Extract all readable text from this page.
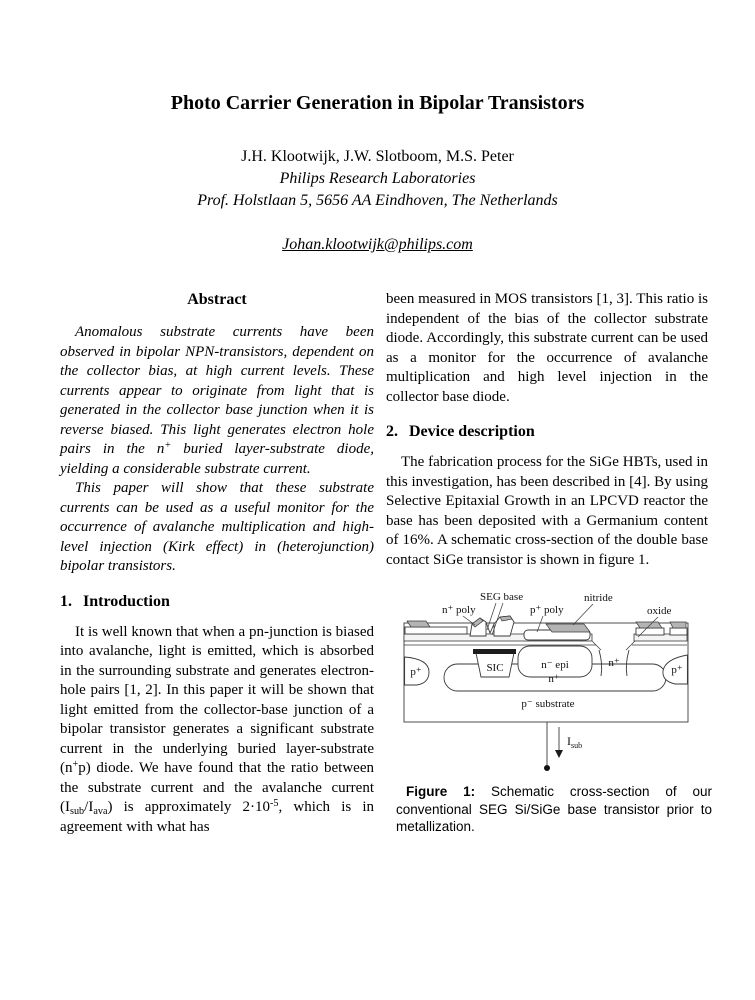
Photo Carrier Generation in Bipolar Transistors

J.H. Klootwijk, J.W. Slotboom, M.S. Peter

Philips Research Laboratories

Prof. Holstlaan 5, 5656 AA Eindhoven, The Netherlands

Johan.klootwijk@philips.com

Abstract

Anomalous substrate currents have been observed in bipolar NPN-transistors, dependent on the collector bias, at high current levels. These currents appear to originate from light that is generated in the collector base junction when it is reverse biased. This light generates electron hole pairs in the n+ buried layer-substrate diode, yielding a considerable substrate current.

This paper will show that these substrate currents can be used as a useful monitor for the occurrence of avalanche multiplication and high-level injection (Kirk effect) in (heterojunction) bipolar transistors.

1. Introduction

It is well known that when a pn-junction is biased into avalanche, light is emitted, which is absorbed in the surrounding substrate and generates electron-hole pairs [1, 2]. In this paper it will be shown that light emitted from the collector-base junction of a bipolar transistor generates a significant substrate current in the underlying buried layer-substrate (n+p) diode. We have found that the ratio between the substrate current and the avalanche current $(I_{sub}/I_{ava})$ is approximately $2\cdot 10^{-5}$, which is in agreement with what has

been measured in MOS transistors [1, 3]. This ratio is independent of the bias of the collector substrate diode. Accordingly, this substrate current can be used as a monitor for the occurrence of avalanche multiplication and high level injection in the collector base diode.

2. Device description

The fabrication process for the SiGe HBTs, used in this investigation, has been described in [4]. By using Selective Epitaxial Growth in an LPCVD reactor the base has been deposited with a Germanium content of 16%. A schematic cross-section of the double base contact SiGe transistor is shown in figure 1.

SEG base
n⁺ poly	p⁺ poly
nitride
oxide
SIC	n⁻ epi	n⁺
p⁺	p⁺
n⁺
p⁻ substrate
$I_{sub}$

Figure 1: Schematic cross-section of our conventional SEG Si/SiGe base transistor prior to metallization.
